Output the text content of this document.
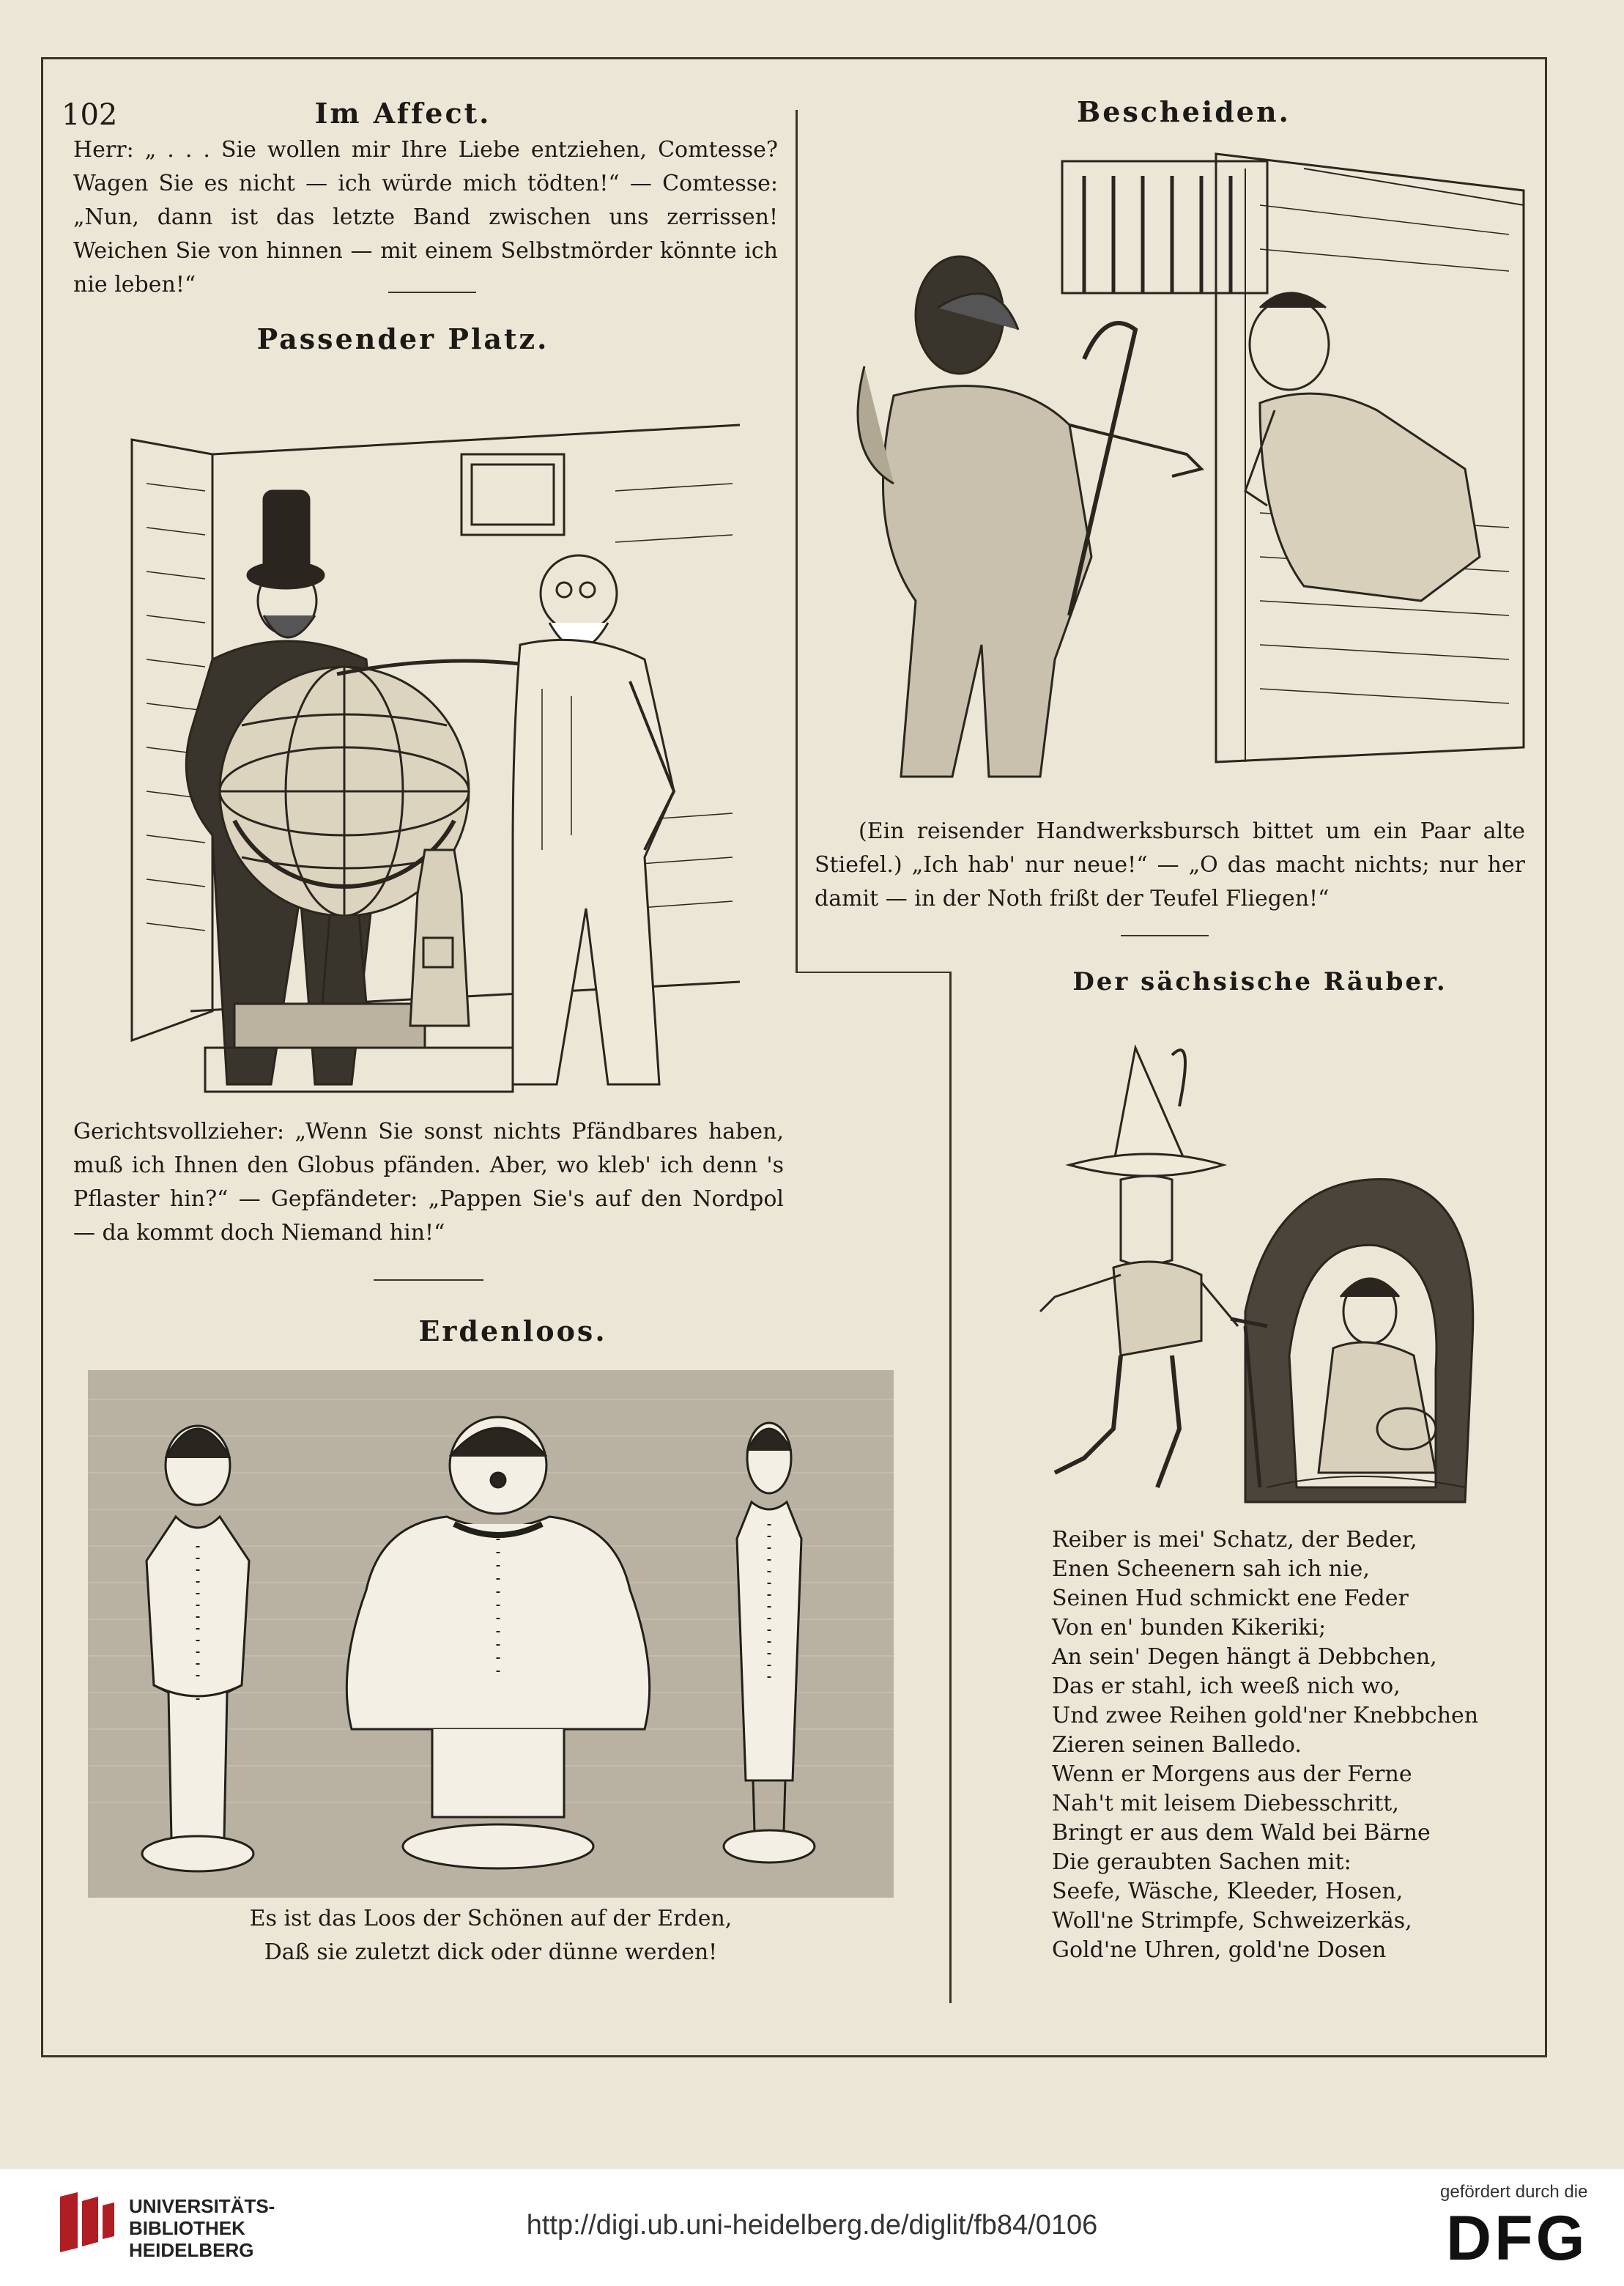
102	Im Affect.
Herr: „ . . . Sie wollen mir Ihre Liebe entziehen, Comtesse? Wagen Sie es nicht — ich würde mich tödten!“ — Comtesse: „Nun, dann ist das letzte Band zwischen uns zerrissen! Weichen Sie von hinnen — mit einem Selbstmörder könnte ich nie leben!“
Passender Platz.
Gerichtsvollzieher: „Wenn Sie sonst nichts Pfändbares haben, muß ich Ihnen den Globus pfänden. Aber, wo kleb' ich denn 's Pflaster hin?“ — Gepfändeter: „Pappen Sie's auf den Nordpol — da kommt doch Niemand hin!“
Erdenloos.
Es ist das Loos der Schönen auf der Erden,
Daß sie zuletzt dick oder dünne werden!
Bescheiden.
(Ein reisender Handwerksbursch bittet um ein Paar alte Stiefel.) „Ich hab' nur neue!“ — „O das macht nichts; nur her damit — in der Noth frißt der Teufel Fliegen!“
Der sächsische Räuber.
Reiber is mei' Schatz, der Beder,
Enen Scheenern sah ich nie,
Seinen Hud schmickt ene Feder
Von en' bunden Kikeriki;
An sein' Degen hängt ä Debbchen,
Das er stahl, ich weeß nich wo,
Und zwee Reihen gold'ner Knebbchen
Zieren seinen Balledo.
Wenn er Morgens aus der Ferne
Nah't mit leisem Diebesschritt,
Bringt er aus dem Wald bei Bärne
Die geraubten Sachen mit:
Seefe, Wäsche, Kleeder, Hosen,
Woll'ne Strimpfe, Schweizerkäs,
Gold'ne Uhren, gold'ne Dosen
UNIVERSITÄTS-
BIBLIOTHEK
HEIDELBERG
http://digi.ub.uni-heidelberg.de/diglit/fb84/0106
gefördert durch die
DFG
